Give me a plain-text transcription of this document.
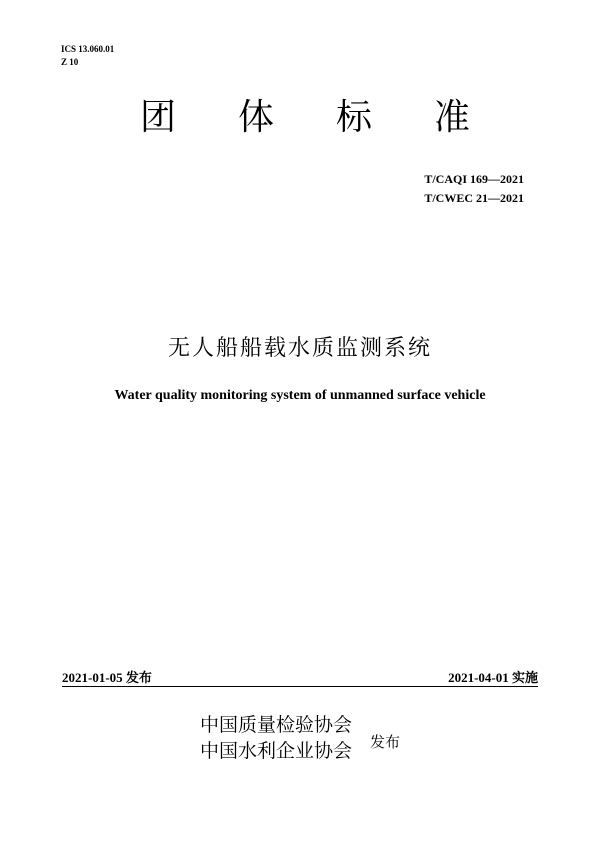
ICS 13.060.01
Z 10
团 体 标 准
T/CAQI 169—2021
T/CWEC 21—2021
无人船船载水质监测系统
Water quality monitoring system of unmanned surface vehicle
2021-01-05 发布	2021-04-01 实施
中国质量检验协会
中国水利企业协会 发布
